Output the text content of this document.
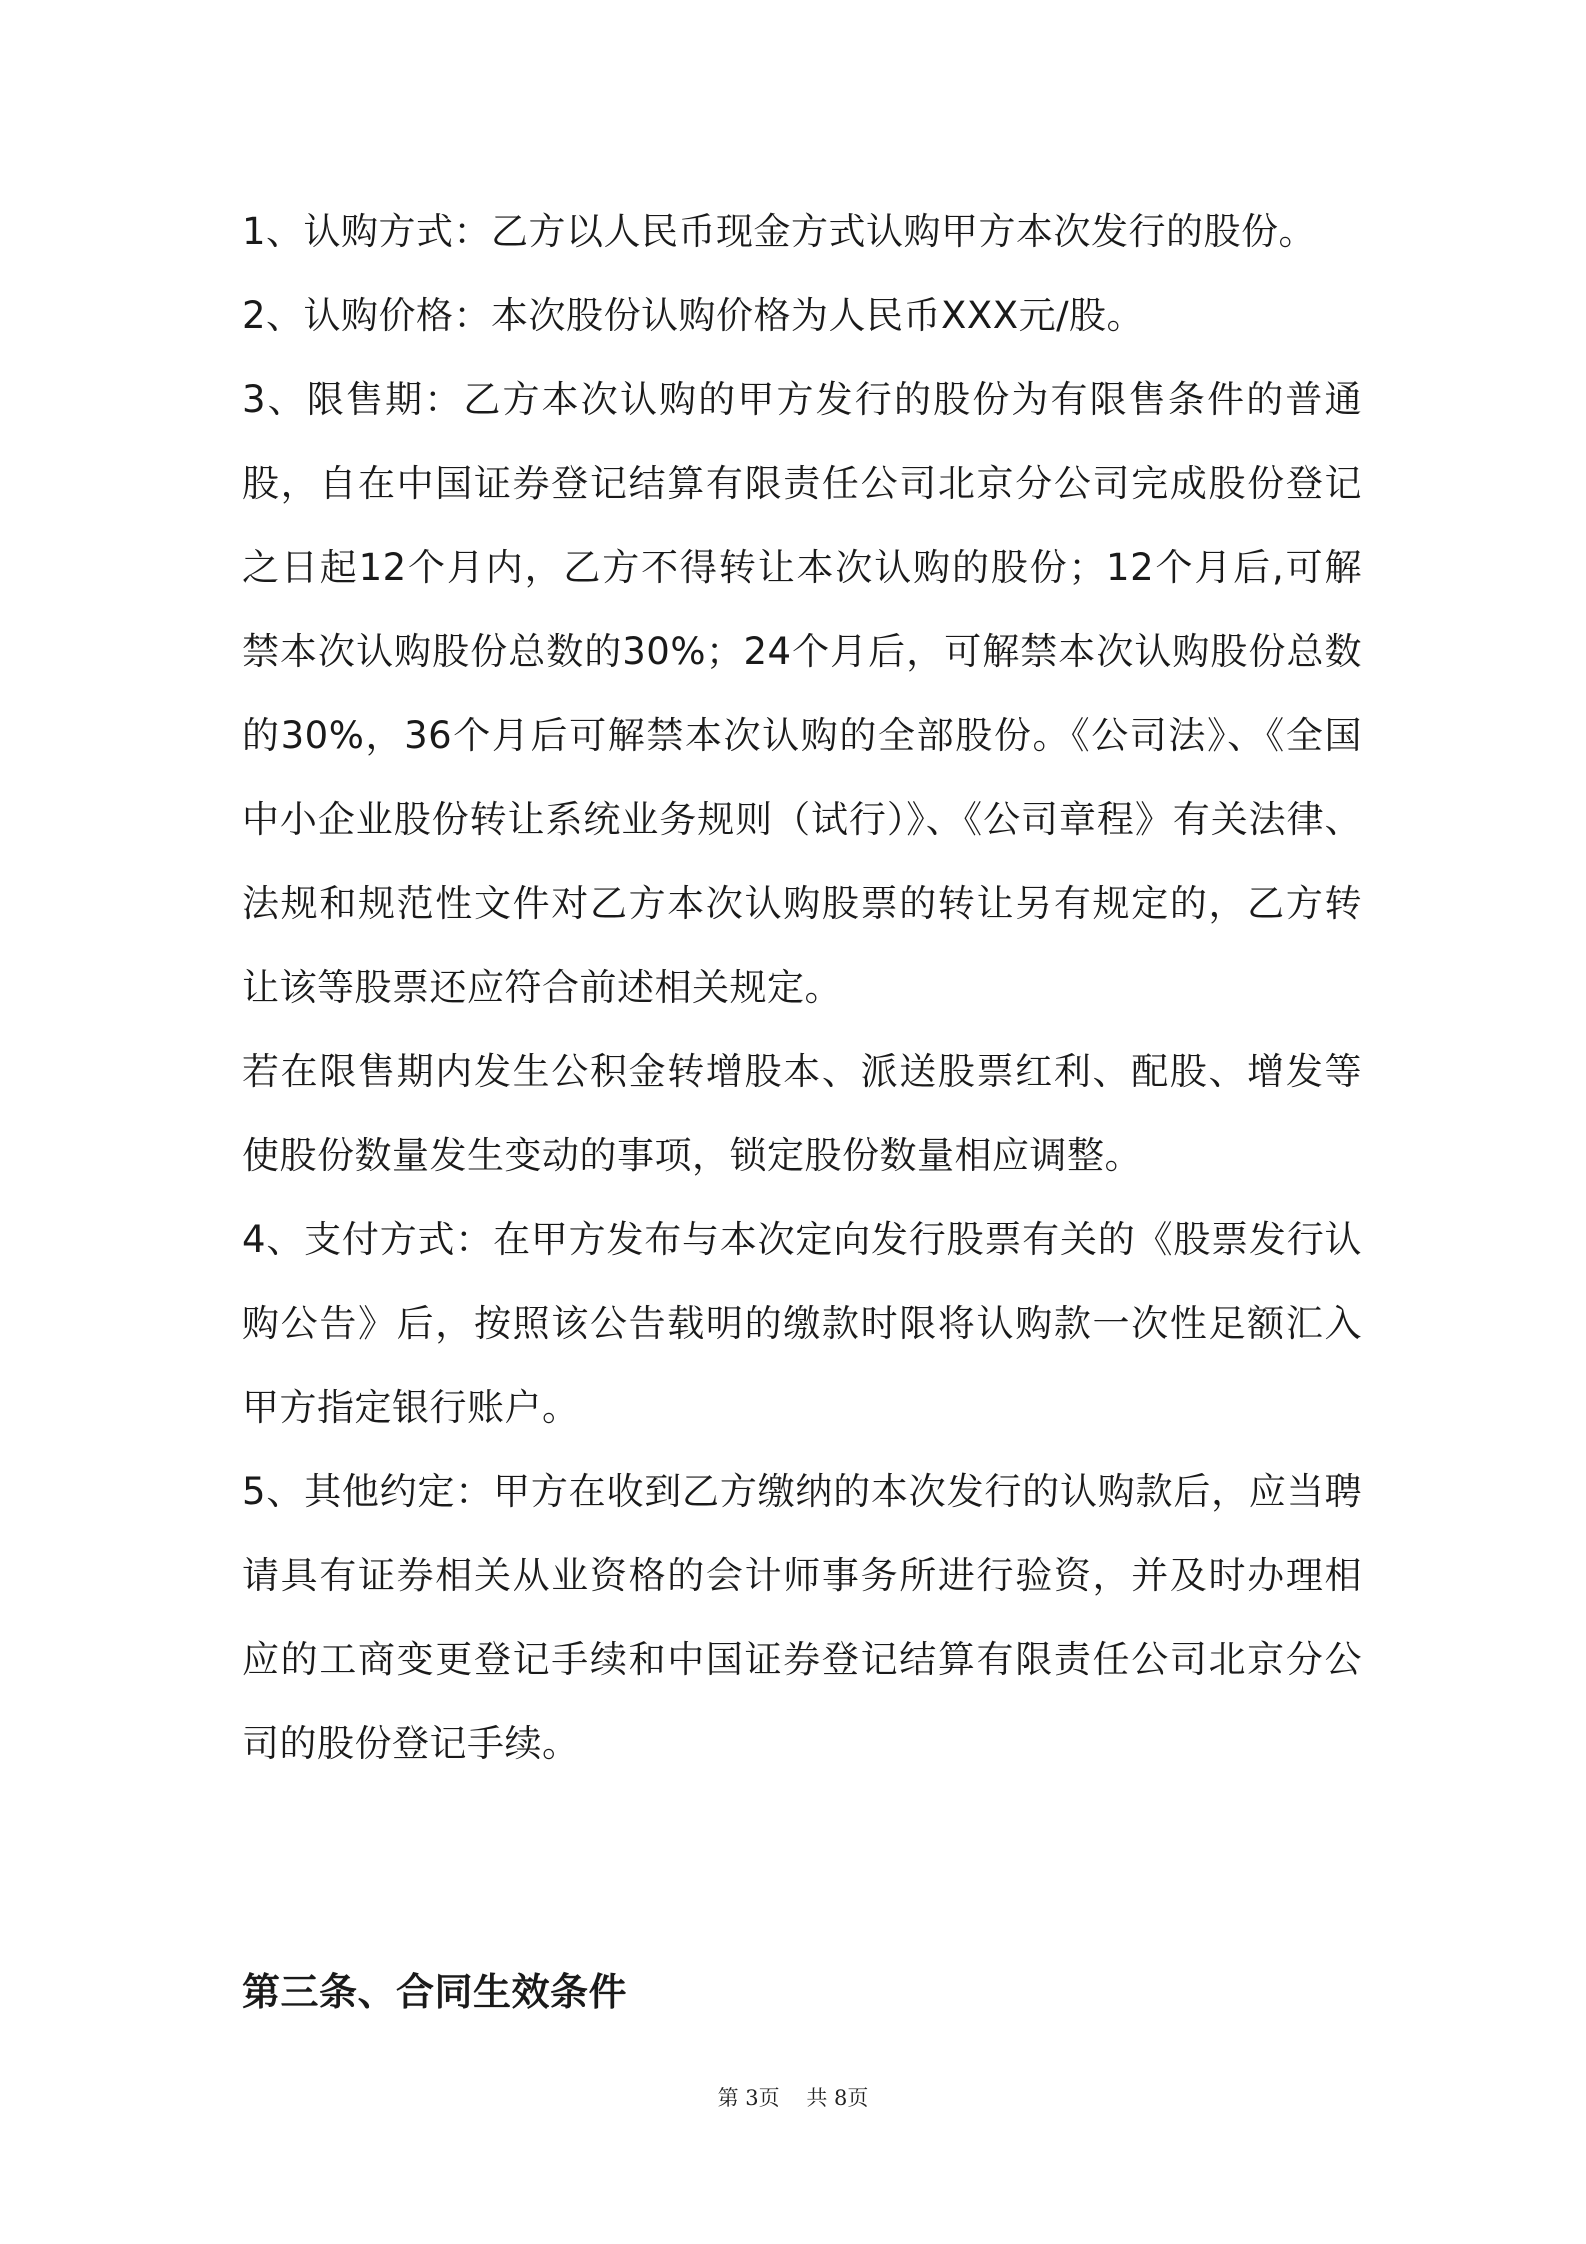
1、认购方式：乙方以人民币现金方式认购甲方本次发行的股份。

2、认购价格：本次股份认购价格为人民币XXX元/股。

3、限售期：乙方本次认购的甲方发行的股份为有限售条件的普通股，自在中国证券登记结算有限责任公司北京分公司完成股份登记之日起12个月内，乙方不得转让本次认购的股份；12个月后,可解禁本次认购股份总数的30%；24个月后，可解禁本次认购股份总数的30%，36个月后可解禁本次认购的全部股份。《公司法》、《全国中小企业股份转让系统业务规则（试行）》、《公司章程》有关法律、法规和规范性文件对乙方本次认购股票的转让另有规定的，乙方转让该等股票还应符合前述相关规定。

若在限售期内发生公积金转增股本、派送股票红利、配股、增发等使股份数量发生变动的事项，锁定股份数量相应调整。

4、支付方式：在甲方发布与本次定向发行股票有关的《股票发行认购公告》后，按照该公告载明的缴款时限将认购款一次性足额汇入甲方指定银行账户。

5、其他约定：甲方在收到乙方缴纳的本次发行的认购款后，应当聘请具有证券相关从业资格的会计师事务所进行验资，并及时办理相应的工商变更登记手续和中国证券登记结算有限责任公司北京分公司的股份登记手续。

第三条、合同生效条件
第 3页 共 8页
